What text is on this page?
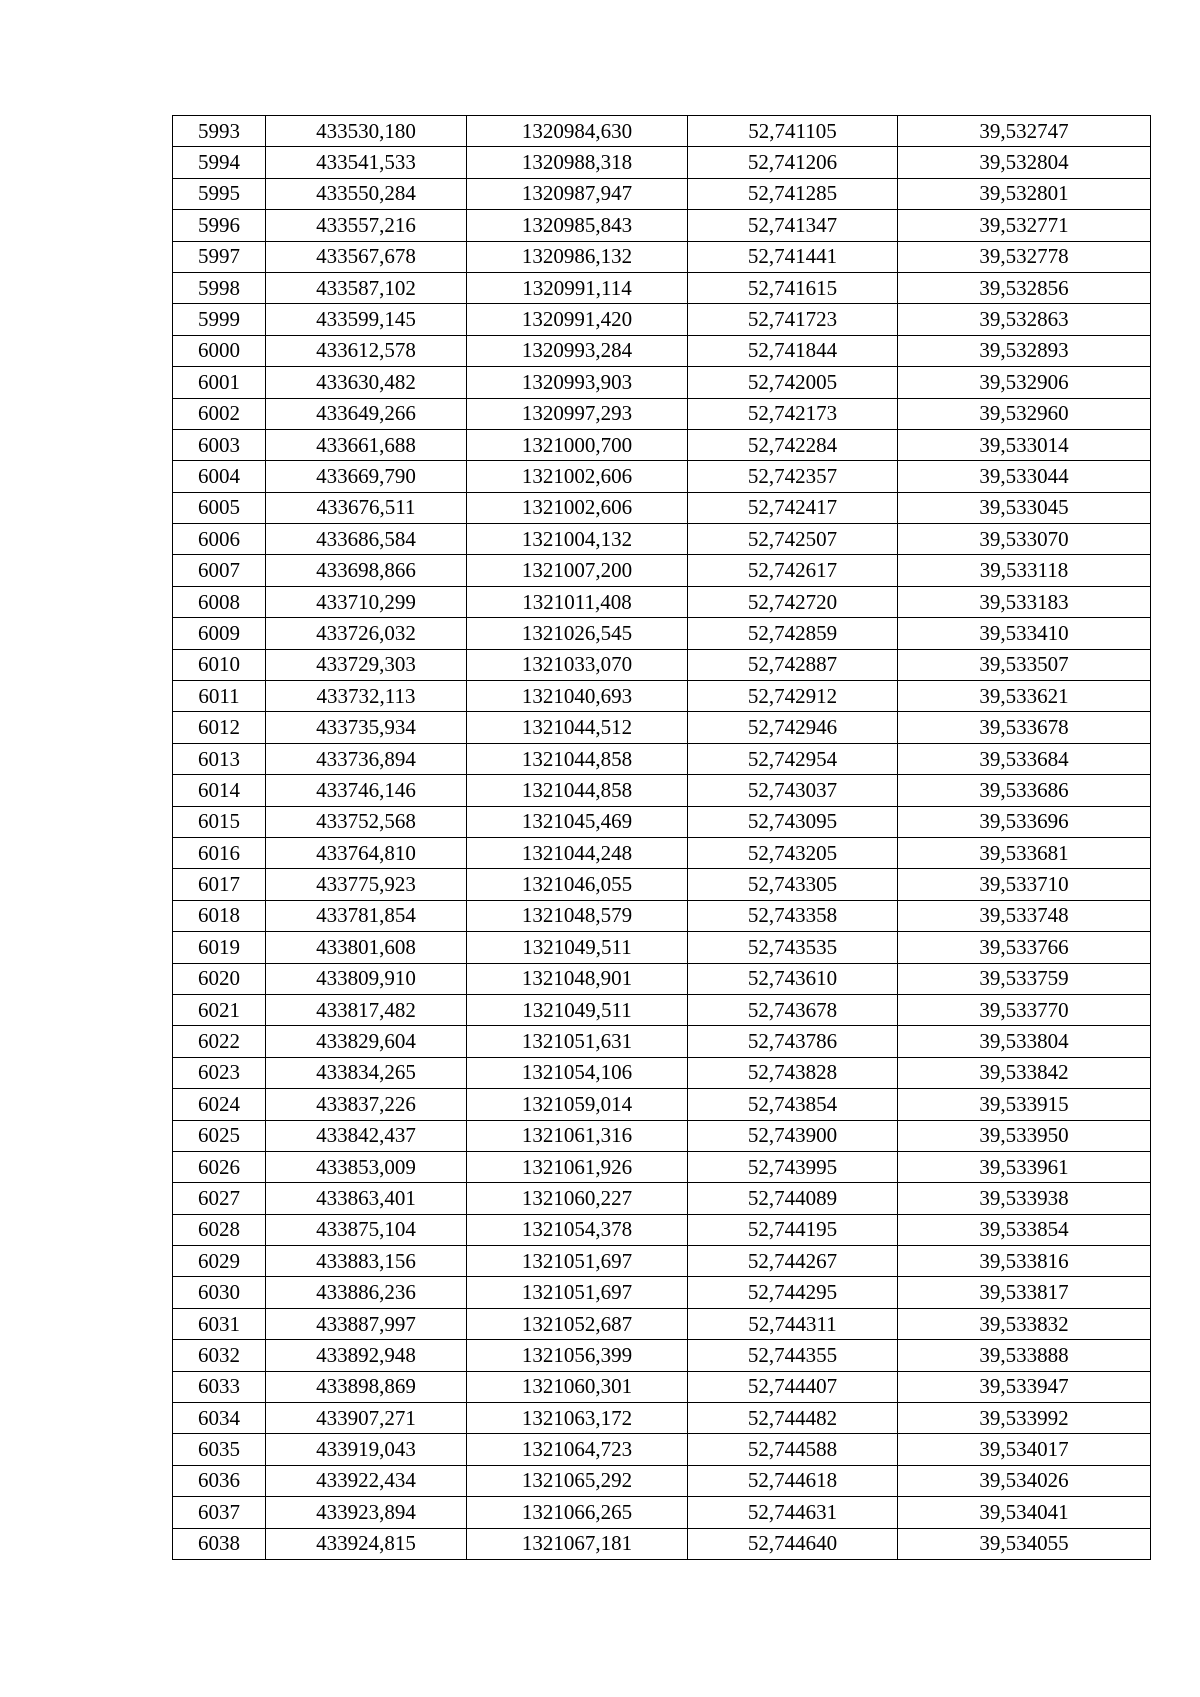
5993	433530,180	1320984,630	52,741105	39,532747
5994	433541,533	1320988,318	52,741206	39,532804
5995	433550,284	1320987,947	52,741285	39,532801
5996	433557,216	1320985,843	52,741347	39,532771
5997	433567,678	1320986,132	52,741441	39,532778
5998	433587,102	1320991,114	52,741615	39,532856
5999	433599,145	1320991,420	52,741723	39,532863
6000	433612,578	1320993,284	52,741844	39,532893
6001	433630,482	1320993,903	52,742005	39,532906
6002	433649,266	1320997,293	52,742173	39,532960
6003	433661,688	1321000,700	52,742284	39,533014
6004	433669,790	1321002,606	52,742357	39,533044
6005	433676,511	1321002,606	52,742417	39,533045
6006	433686,584	1321004,132	52,742507	39,533070
6007	433698,866	1321007,200	52,742617	39,533118
6008	433710,299	1321011,408	52,742720	39,533183
6009	433726,032	1321026,545	52,742859	39,533410
6010	433729,303	1321033,070	52,742887	39,533507
6011	433732,113	1321040,693	52,742912	39,533621
6012	433735,934	1321044,512	52,742946	39,533678
6013	433736,894	1321044,858	52,742954	39,533684
6014	433746,146	1321044,858	52,743037	39,533686
6015	433752,568	1321045,469	52,743095	39,533696
6016	433764,810	1321044,248	52,743205	39,533681
6017	433775,923	1321046,055	52,743305	39,533710
6018	433781,854	1321048,579	52,743358	39,533748
6019	433801,608	1321049,511	52,743535	39,533766
6020	433809,910	1321048,901	52,743610	39,533759
6021	433817,482	1321049,511	52,743678	39,533770
6022	433829,604	1321051,631	52,743786	39,533804
6023	433834,265	1321054,106	52,743828	39,533842
6024	433837,226	1321059,014	52,743854	39,533915
6025	433842,437	1321061,316	52,743900	39,533950
6026	433853,009	1321061,926	52,743995	39,533961
6027	433863,401	1321060,227	52,744089	39,533938
6028	433875,104	1321054,378	52,744195	39,533854
6029	433883,156	1321051,697	52,744267	39,533816
6030	433886,236	1321051,697	52,744295	39,533817
6031	433887,997	1321052,687	52,744311	39,533832
6032	433892,948	1321056,399	52,744355	39,533888
6033	433898,869	1321060,301	52,744407	39,533947
6034	433907,271	1321063,172	52,744482	39,533992
6035	433919,043	1321064,723	52,744588	39,534017
6036	433922,434	1321065,292	52,744618	39,534026
6037	433923,894	1321066,265	52,744631	39,534041
6038	433924,815	1321067,181	52,744640	39,534055
